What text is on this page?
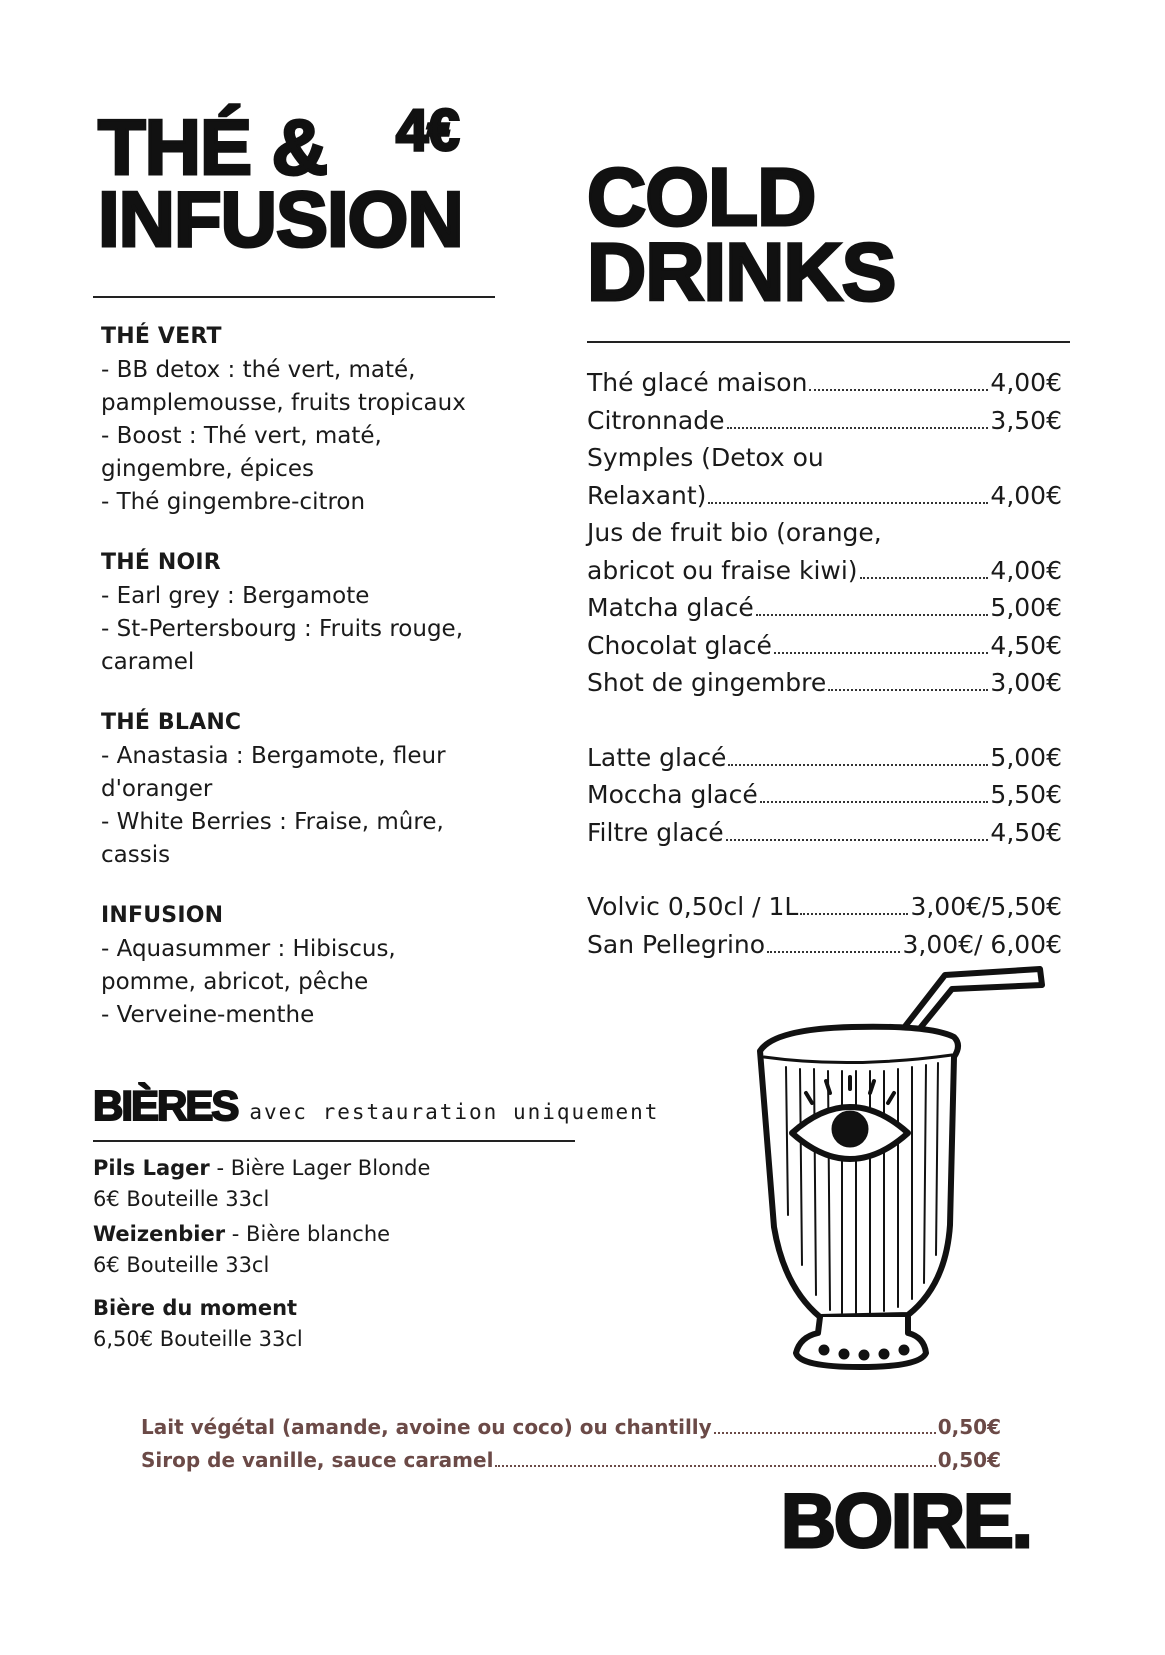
THÉ & 4€
INFUSION
THÉ VERT
- BB detox : thé vert, maté,
pamplemousse, fruits tropicaux
- Boost : Thé vert, maté,
gingembre, épices
- Thé gingembre-citron
THÉ NOIR
- Earl grey : Bergamote
- St-Pertersbourg : Fruits rouge,
caramel
THÉ BLANC
- Anastasia : Bergamote, fleur
d'oranger
- White Berries : Fraise, mûre,
cassis
INFUSION
- Aquasummer : Hibiscus,
pomme, abricot, pêche
- Verveine-menthe
COLD
DRINKS
Thé glacé maison	4,00€
Citronnade	3,50€
Symples (Detox ou
Relaxant)	4,00€
Jus de fruit bio (orange,
abricot ou fraise kiwi)	4,00€
Matcha glacé	5,00€
Chocolat glacé	4,50€
Shot de gingembre	3,00€
Latte glacé	5,00€
Moccha glacé	5,50€
Filtre glacé	4,50€
Volvic 0,50cl / 1L	3,00€/5,50€
San Pellegrino	3,00€/ 6,00€
BIÈRES avec restauration uniquement
Pils Lager - Bière Lager Blonde
6€ Bouteille 33cl
Weizenbier - Bière blanche
6€ Bouteille 33cl
Bière du moment
6,50€ Bouteille 33cl
Lait végétal (amande, avoine ou coco) ou chantilly	0,50€
Sirop de vanille, sauce caramel	0,50€
BOIRE.
